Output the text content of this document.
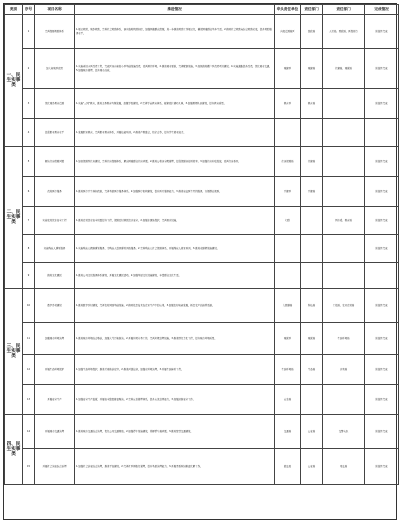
类别	序号	项目名称	推进情况	牵头责任单位	责任部门	责任部门	完成情况
一、民生实事类	1	完善保障救助体系	1.规范救助，城乡救助，完善社会救助体系，落实临时救助制度，加强困难群众保障，进一步推进救助工作规范化，确保困难群众基本生活。2.推动社会救助向综合救助转变，提升救助服务水平。	自然资源局区	民政局	人社局、财政局、医保局等	阶段性完成
	2	加大老城区改造	1.实施老旧小区改造工程，完成区域内老旧小区基础设施改造，改善居住环境。2.推进城市更新，完善配套设施。3.加快推进棚户区改造项目建设。4.实施道路提升改造，优化城市交通。5.加强城市管理，提升城市品质。	城建区	城建局	住建局、城管局	阶段性完成
	3	优化城乡教育资源	1.实施"三同"教育，推进义务教育均衡发展，加强学校建设。2.完善学前教育体系，新建改扩建幼儿园。3.加强教师队伍建设，提升教育质量。	教育区	教育局		阶段性完成
	4	提高职业教育水平	1.发展职业教育，完善职业教育体系，开展技能培训。2.推进产教融合，校企合作，提升学生就业能力。				
二、民生实事类	5	解决住房保障问题	1.加快保障性住房建设，完善住房保障体系，解决困难群众住房问题。2.推进公租房分配管理，提高保障房使用效率。3.加强住房补贴发放，改善住房条件。	住房保障局	住建局		阶段性完成
	6	改进医疗服务	1.推进医疗卫生体制改革，完善基层医疗服务体系。2.加强医疗机构建设，提升医疗服务能力。3.推进家庭医生签约服务，方便群众就医。	卫健区	卫健局		阶段性完成
	7	实施农村饮水安全工程	1.推进农村饮水安全巩固提升工程，保障农村居民饮水安全。2.加强水源地保护，完善供水设施。	妇联		团市委、教育局	阶段性完成
	8	实施残疾人康复服务	1.实施残疾人精准康复服务，为残疾人提供康复训练服务。2.完善残疾人社会保障体系，开展残疾人就业培训。3.推进无障碍设施建设。				阶段性完成
	9	推进文化惠民	1.推进公共文化服务体系建设，开展文化惠民活动。2.加强基层文化设施建设，丰富群众文化生活。				
三、民生实事类	10	数字乡村建设	1.推进数字乡村建设，完善农村网络基础设施。2.推动信息技术在农业生产中的应用。3.加强农村电商发展，拓宽农产品销售渠道。	大数据局	科技局	工信局、农业农村局	阶段性完成
	11	加强城市环境治理	1.推进城市环境综合整治，加强大气污染防治。2.开展垃圾分类工作，完善垃圾处理设施。3.推进绿化美化工程，提升城市环境质量。	城管区	城管局	生态环境局	阶段性完成
	12	开展生态环境保护	1.加强生态环境保护，推进污染防治攻坚。2.推进河湖长制，加强水环境治理。3.开展生态修复工程。	生态环境局	生态局	水利局	阶段性完成
	13	开展安全生产	1.加强安全生产监管，开展安全隐患排查整治。2.完善应急管理体系，提升应急处置能力。3.加强消防安全工作。	应急局			阶段性完成
四、民生实事类	14	开展城市交通治理	1.推进城市交通综合治理，优化公共交通网络。2.加强停车设施建设，缓解停车难问题。3.推进智慧交通建设。	交通局	公安局	交警支队	阶段性完成
	15	开展社会治安综合治理	1.加强社会治安综合治理，推进平安建设。2.完善社区网格化管理，提升基层治理能力。3.开展矛盾纠纷排查化解工作。	政法委	公安局	司法局	阶段性完成
